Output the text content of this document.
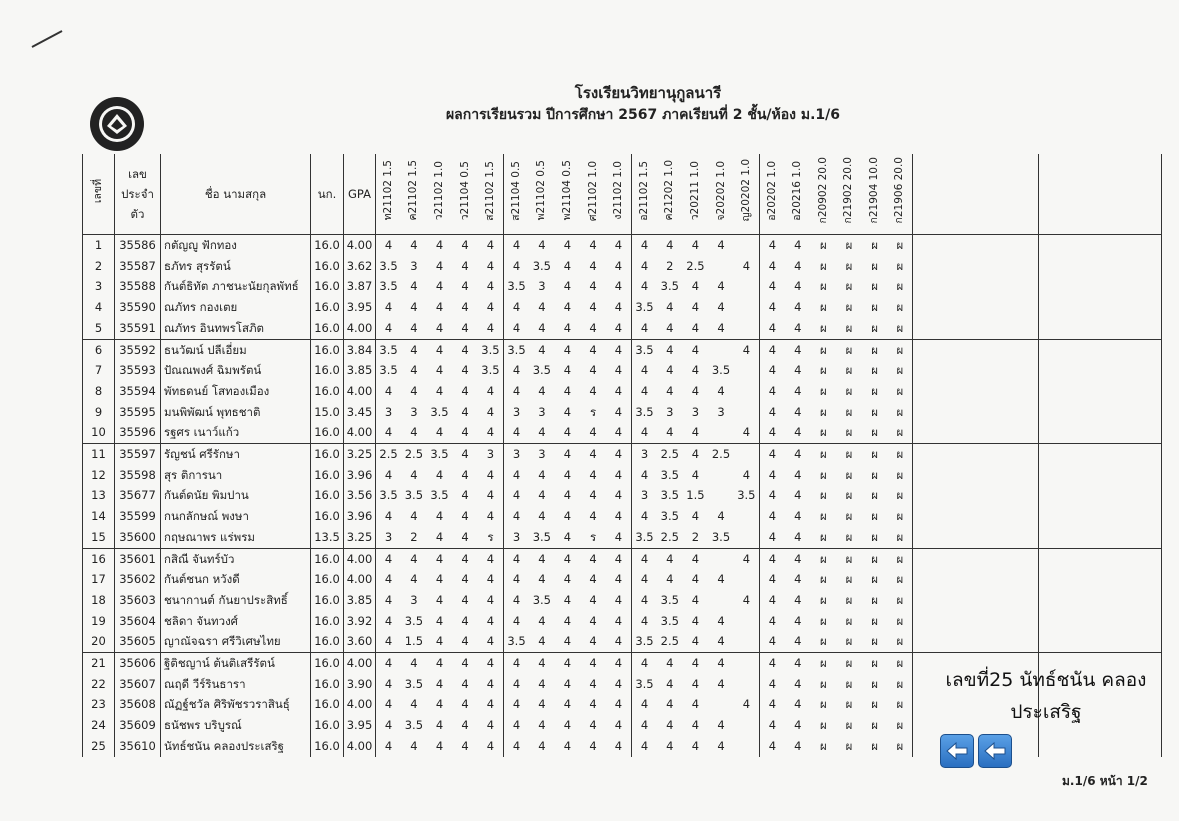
โรงเรียนวิทยานุกูลนารี
ผลการเรียนรวม ปีการศึกษา 2567 ภาคเรียนที่ 2 ชั้น/ห้อง ม.1/6
เลขที่	เลข
ประจำ
ตัว	ชื่อ นามสกุล	นก.	GPA	ท21102 1.5	ค21102 1.5	ว21102 1.0	ว21104 0.5	ส21102 1.5	ส21104 0.5	พ21102 0.5	พ21104 0.5	ศ21102 1.0	ง21102 1.0	อ21102 1.5	ค21202 1.0	ว20211 1.0	จ20202 1.0	ญ20202 1.0	อ20202 1.0	อ20216 1.0	ก20902 20.0	ก21902 20.0	ก21904 10.0	ก21906 20.0		
1	35586	กตัญญู ฟักทอง	16.0	4.00	4	4	4	4	4	4	4	4	4	4	4	4	4	4		4	4	ผ	ผ	ผ	ผ		
2	35587	ธภัทร สุรรัตน์	16.0	3.62	3.5	3	4	4	4	4	3.5	4	4	4	4	2	2.5		4	4	4	ผ	ผ	ผ	ผ		
3	35588	กันต์ธิทัต ภาชนะนัยกุลพัทธ์	16.0	3.87	3.5	4	4	4	4	3.5	3	4	4	4	4	3.5	4	4		4	4	ผ	ผ	ผ	ผ		
4	35590	ณภัทร กองเตย	16.0	3.95	4	4	4	4	4	4	4	4	4	4	3.5	4	4	4		4	4	ผ	ผ	ผ	ผ		
5	35591	ณภัทร อินทพรโสภิต	16.0	4.00	4	4	4	4	4	4	4	4	4	4	4	4	4	4		4	4	ผ	ผ	ผ	ผ		
6	35592	ธนวัฒน์ ปลีเอี่ยม	16.0	3.84	3.5	4	4	4	3.5	3.5	4	4	4	4	3.5	4	4		4	4	4	ผ	ผ	ผ	ผ		
7	35593	ปัณณพงศ์ ฉิมพรัตน์	16.0	3.85	3.5	4	4	4	3.5	4	3.5	4	4	4	4	4	4	3.5		4	4	ผ	ผ	ผ	ผ		
8	35594	พัทธดนย์ โสทองเมือง	16.0	4.00	4	4	4	4	4	4	4	4	4	4	4	4	4	4		4	4	ผ	ผ	ผ	ผ		
9	35595	มนพิพัฒน์ พุทธชาติ	15.0	3.45	3	3	3.5	4	4	3	3	4	ร	4	3.5	3	3	3		4	4	ผ	ผ	ผ	ผ		
10	35596	รฐศร เนาว์แก้ว	16.0	4.00	4	4	4	4	4	4	4	4	4	4	4	4	4		4	4	4	ผ	ผ	ผ	ผ		
11	35597	รัญชน์ ศรีรักษา	16.0	3.25	2.5	2.5	3.5	4	3	3	3	4	4	4	3	2.5	4	2.5		4	4	ผ	ผ	ผ	ผ		
12	35598	สุร ติการนา	16.0	3.96	4	4	4	4	4	4	4	4	4	4	4	3.5	4		4	4	4	ผ	ผ	ผ	ผ		
13	35677	กันต์ดนัย พิมปาน	16.0	3.56	3.5	3.5	3.5	4	4	4	4	4	4	4	3	3.5	1.5		3.5	4	4	ผ	ผ	ผ	ผ		
14	35599	กนกลักษณ์ พงษา	16.0	3.96	4	4	4	4	4	4	4	4	4	4	4	3.5	4	4		4	4	ผ	ผ	ผ	ผ		
15	35600	กฤษณาพร แร่พรม	13.5	3.25	3	2	4	4	ร	3	3.5	4	ร	4	3.5	2.5	2	3.5		4	4	ผ	ผ	ผ	ผ		
16	35601	กสิณี จันทร์บัว	16.0	4.00	4	4	4	4	4	4	4	4	4	4	4	4	4		4	4	4	ผ	ผ	ผ	ผ		
17	35602	กันต์ชนก หวังดี	16.0	4.00	4	4	4	4	4	4	4	4	4	4	4	4	4	4		4	4	ผ	ผ	ผ	ผ		
18	35603	ชนากานต์ กันยาประสิทธิ์	16.0	3.85	4	3	4	4	4	4	3.5	4	4	4	4	3.5	4		4	4	4	ผ	ผ	ผ	ผ		
19	35604	ชลิดา จันทวงศ์	16.0	3.92	4	3.5	4	4	4	4	4	4	4	4	4	3.5	4	4		4	4	ผ	ผ	ผ	ผ		
20	35605	ญาณัจฉรา ศรีวิเศษไทย	16.0	3.60	4	1.5	4	4	4	3.5	4	4	4	4	3.5	2.5	4	4		4	4	ผ	ผ	ผ	ผ		
21	35606	ฐิติชญาน์ ต้นติเสรีรัตน์	16.0	4.00	4	4	4	4	4	4	4	4	4	4	4	4	4	4		4	4	ผ	ผ	ผ	ผ		
22	35607	ณฤดี วีร์รินธารา	16.0	3.90	4	3.5	4	4	4	4	4	4	4	4	3.5	4	4	4		4	4	ผ	ผ	ผ	ผ		
23	35608	ณัฏฐ์ชวัล ศิริพัชรวราสินธุ์	16.0	4.00	4	4	4	4	4	4	4	4	4	4	4	4	4		4	4	4	ผ	ผ	ผ	ผ		
24	35609	ธนัชพร บริบูรณ์	16.0	3.95	4	3.5	4	4	4	4	4	4	4	4	4	4	4	4		4	4	ผ	ผ	ผ	ผ		
25	35610	นัทธ์ชนัน คลองประเสริฐ	16.0	4.00	4	4	4	4	4	4	4	4	4	4	4	4	4	4		4	4	ผ	ผ	ผ	ผ		
เลขที่25 นัทธ์ชนัน คลอง
ประเสริฐ
ม.1/6 หน้า 1/2
